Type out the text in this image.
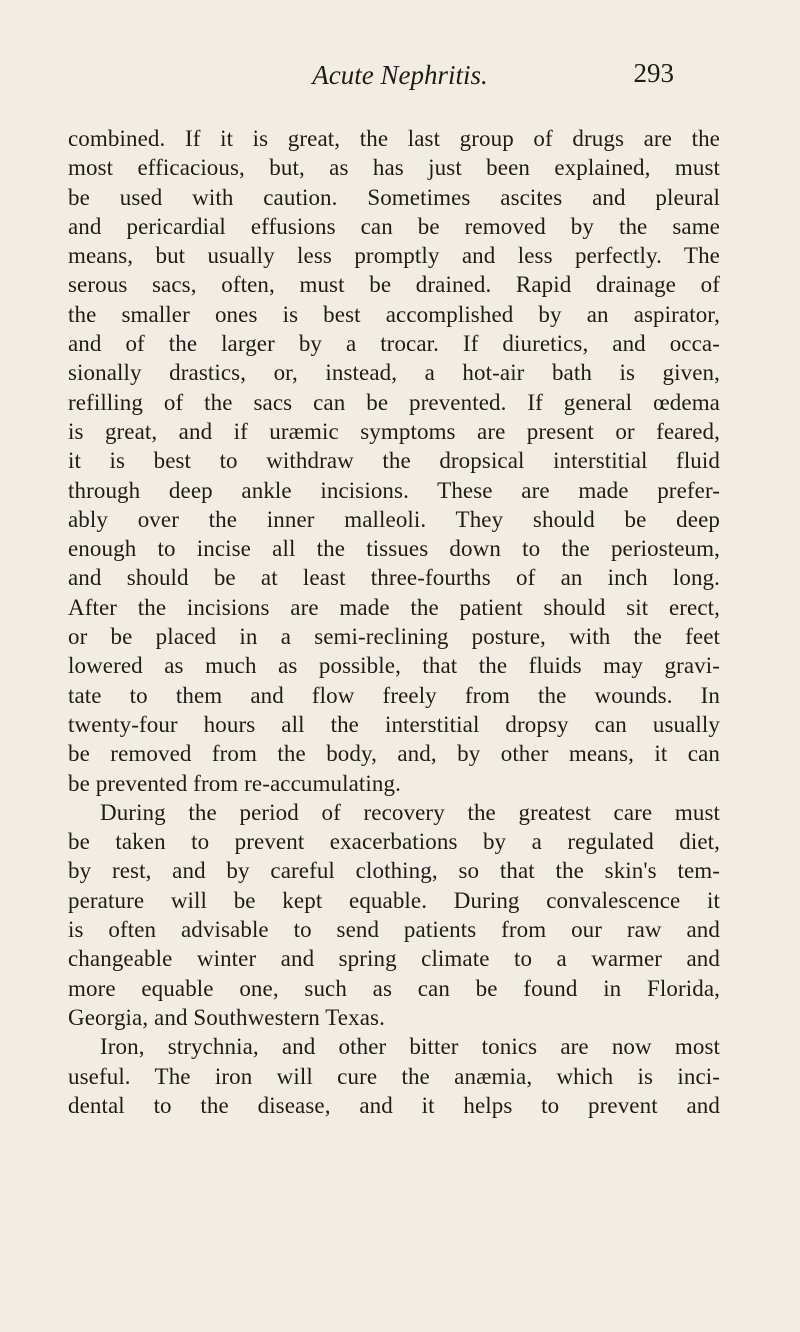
Acute Nephritis.	293
combined. If it is great, the last group of drugs are the
most efficacious, but, as has just been explained, must
be used with caution. Sometimes ascites and pleural
and pericardial effusions can be removed by the same
means, but usually less promptly and less perfectly. The
serous sacs, often, must be drained. Rapid drainage of
the smaller ones is best accomplished by an aspirator,
and of the larger by a trocar. If diuretics, and occa-
sionally drastics, or, instead, a hot-air bath is given,
refilling of the sacs can be prevented. If general œdema
is great, and if uræmic symptoms are present or feared,
it is best to withdraw the dropsical interstitial fluid
through deep ankle incisions. These are made prefer-
ably over the inner malleoli. They should be deep
enough to incise all the tissues down to the periosteum,
and should be at least three-fourths of an inch long.
After the incisions are made the patient should sit erect,
or be placed in a semi-reclining posture, with the feet
lowered as much as possible, that the fluids may gravi-
tate to them and flow freely from the wounds. In
twenty-four hours all the interstitial dropsy can usually
be removed from the body, and, by other means, it can
be prevented from re-accumulating.
During the period of recovery the greatest care must
be taken to prevent exacerbations by a regulated diet,
by rest, and by careful clothing, so that the skin's tem-
perature will be kept equable. During convalescence it
is often advisable to send patients from our raw and
changeable winter and spring climate to a warmer and
more equable one, such as can be found in Florida,
Georgia, and Southwestern Texas.
Iron, strychnia, and other bitter tonics are now most
useful. The iron will cure the anæmia, which is inci-
dental to the disease, and it helps to prevent and
